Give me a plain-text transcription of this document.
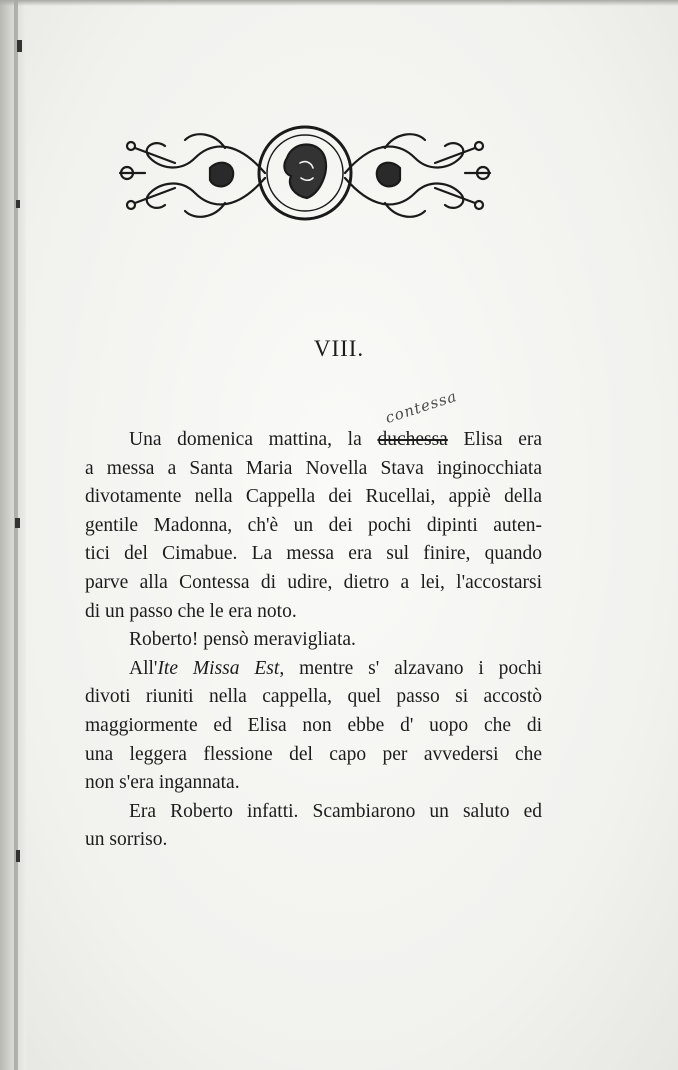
VIII.
contessa
Una domenica mattina, la duchessa Elisa era
a messa a Santa Maria Novella Stava inginocchiata
divotamente nella Cappella dei Rucellai, appiè della
gentile Madonna, ch'è un dei pochi dipinti auten-
tici del Cimabue. La messa era sul finire, quando
parve alla Contessa di udire, dietro a lei, l'accostarsi
di un passo che le era noto.
Roberto! pensò meravigliata.
All'Ite Missa Est, mentre s' alzavano i pochi
divoti riuniti nella cappella, quel passo si accostò
maggiormente ed Elisa non ebbe d' uopo che di
una leggera flessione del capo per avvedersi che
non s'era ingannata.
Era Roberto infatti. Scambiarono un saluto ed
un sorriso.
